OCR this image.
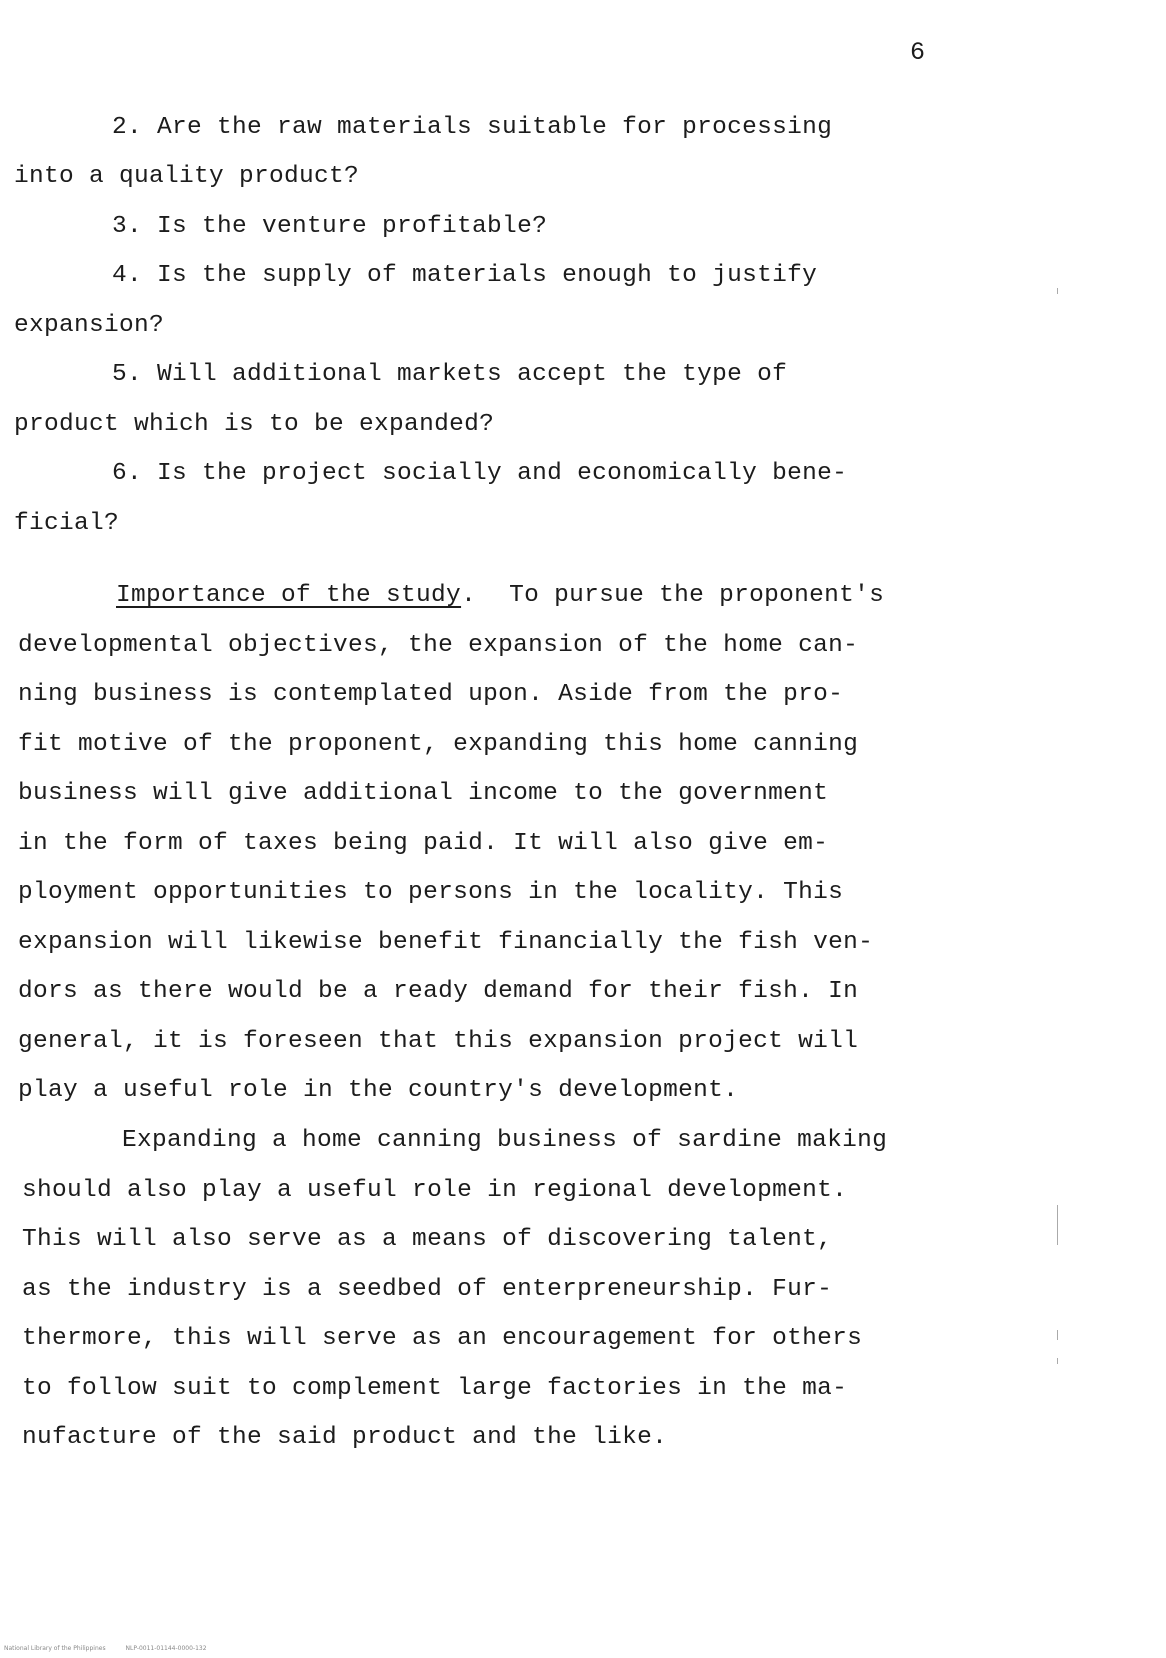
6
2. Are the raw materials suitable for processing
into a quality product?
3. Is the venture profitable?
4. Is the supply of materials enough to justify
expansion?
5. Will additional markets accept the type of
product which is to be expanded?
6. Is the project socially and economically bene-
ficial?
Importance of the study. To pursue the proponent's
developmental objectives, the expansion of the home can-
ning business is contemplated upon. Aside from the pro-
fit motive of the proponent, expanding this home canning
business will give additional income to the government
in the form of taxes being paid. It will also give em-
ployment opportunities to persons in the locality. This
expansion will likewise benefit financially the fish ven-
dors as there would be a ready demand for their fish. In
general, it is foreseen that this expansion project will
play a useful role in the country's development.
Expanding a home canning business of sardine making
should also play a useful role in regional development.
This will also serve as a means of discovering talent,
as the industry is a seedbed of enterpreneurship. Fur-
thermore, this will serve as an encouragement for others
to follow suit to complement large factories in the ma-
nufacture of the said product and the like.
National Library of the Philippines	NLP-0011-01144-0000-132
